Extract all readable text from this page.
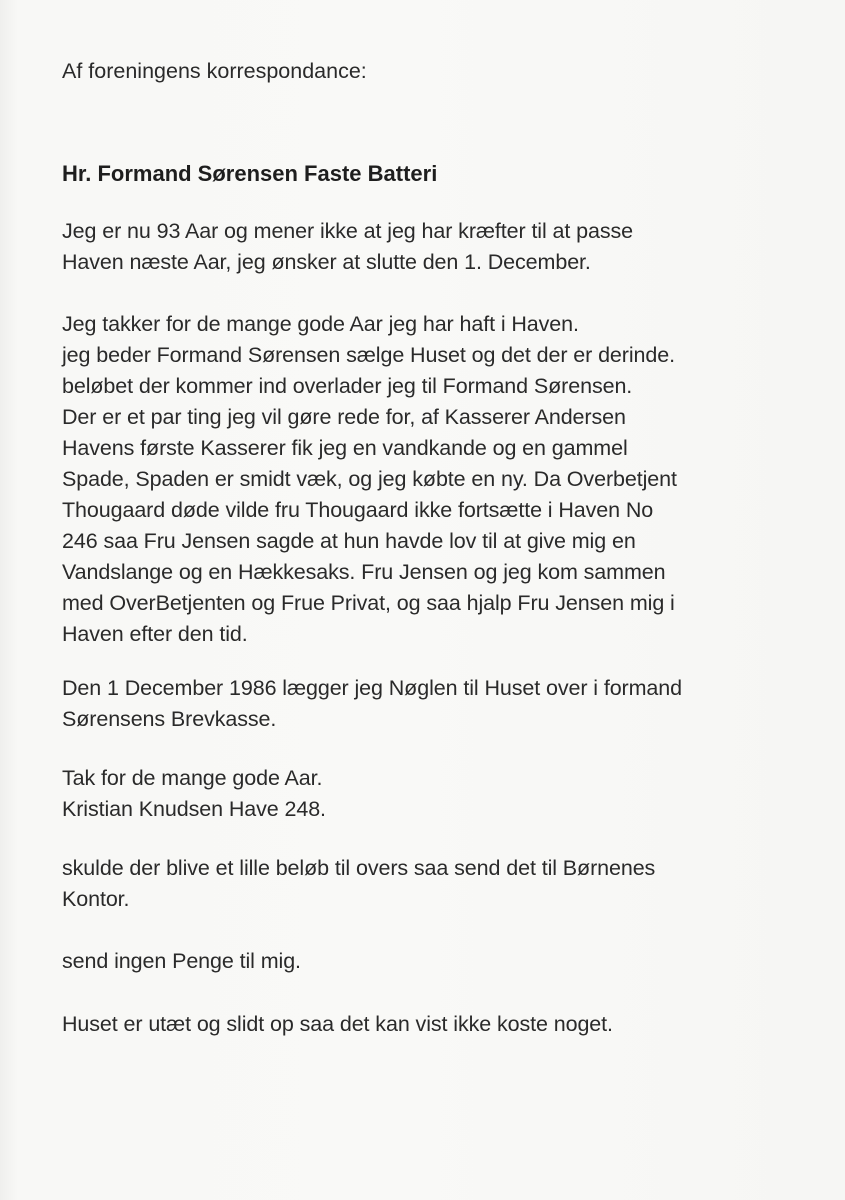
Af foreningens korrespondance:
Hr. Formand Sørensen Faste Batteri
Jeg er nu 93 Aar og mener ikke at jeg har kræfter til at passe
Haven næste Aar, jeg ønsker at slutte den 1. December.
Jeg takker for de mange gode Aar jeg har haft i Haven.
jeg beder Formand Sørensen sælge Huset og det der er derinde.
beløbet der kommer ind overlader jeg til Formand Sørensen.
Der er et par ting jeg vil gøre rede for, af Kasserer Andersen
Havens første Kasserer fik jeg en vandkande og en gammel
Spade, Spaden er smidt væk, og jeg købte en ny. Da Overbetjent
Thougaard døde vilde fru Thougaard ikke fortsætte i Haven No
246 saa Fru Jensen sagde at hun havde lov til at give mig en
Vandslange og en Hækkesaks. Fru Jensen og jeg kom sammen
med OverBetjenten og Frue Privat, og saa hjalp Fru Jensen mig i
Haven efter den tid.
Den 1 December 1986 lægger jeg Nøglen til Huset over i formand
Sørensens Brevkasse.
Tak for de mange gode Aar.
Kristian Knudsen Have 248.
skulde der blive et lille beløb til overs saa send det til Børnenes
Kontor.
send ingen Penge til mig.
Huset er utæt og slidt op saa det kan vist ikke koste noget.
